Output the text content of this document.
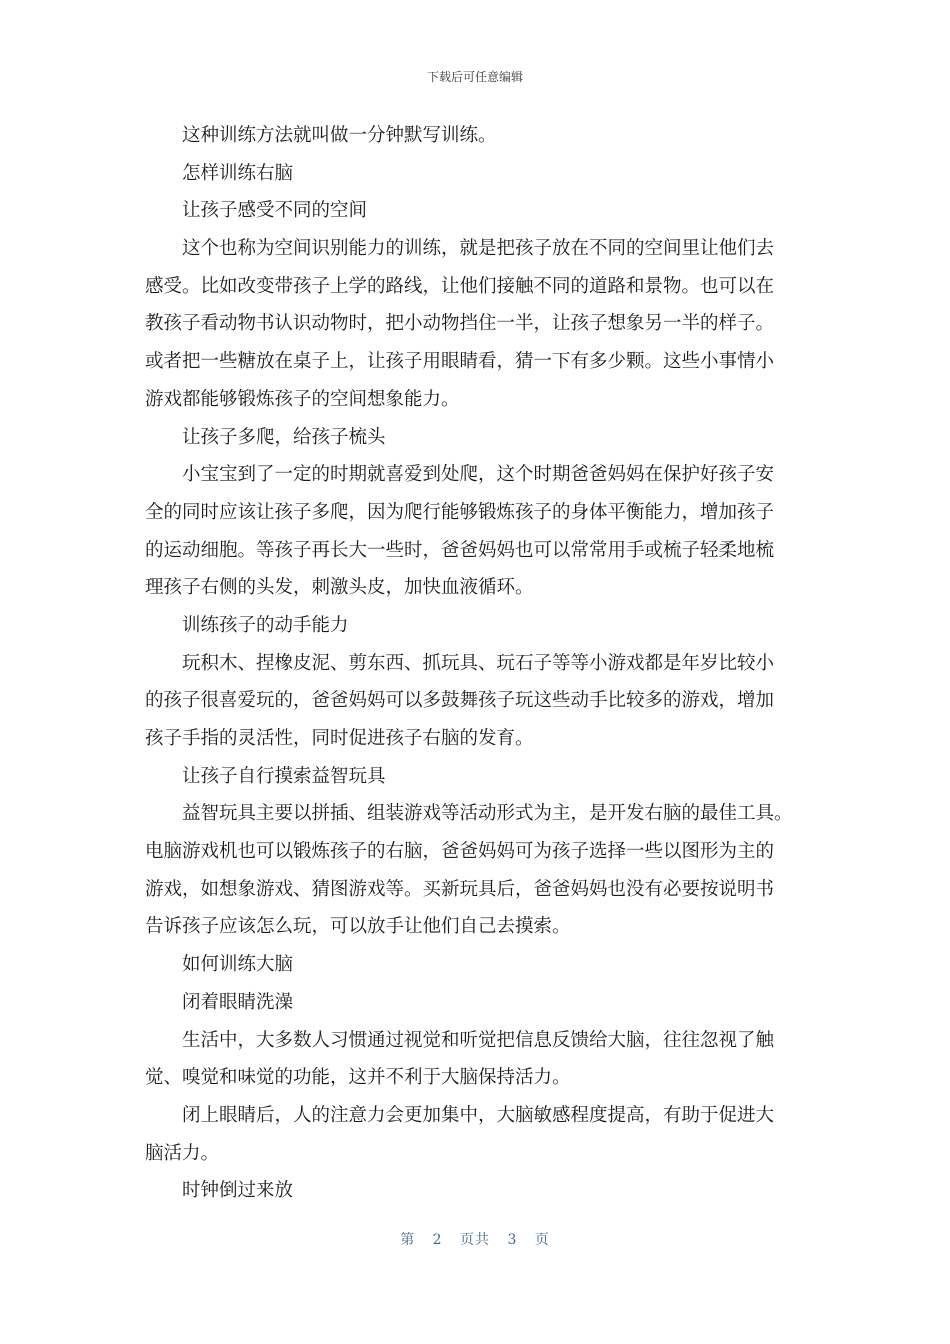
下载后可任意编辑
这种训练方法就叫做一分钟默写训练。
怎样训练右脑
让孩子感受不同的空间
这个也称为空间识别能力的训练，就是把孩子放在不同的空间里让他们去
感受。比如改变带孩子上学的路线，让他们接触不同的道路和景物。也可以在
教孩子看动物书认识动物时，把小动物挡住一半，让孩子想象另一半的样子。
或者把一些糖放在桌子上，让孩子用眼睛看，猜一下有多少颗。这些小事情小
游戏都能够锻炼孩子的空间想象能力。
让孩子多爬，给孩子梳头
小宝宝到了一定的时期就喜爱到处爬，这个时期爸爸妈妈在保护好孩子安
全的同时应该让孩子多爬，因为爬行能够锻炼孩子的身体平衡能力，增加孩子
的运动细胞。等孩子再长大一些时，爸爸妈妈也可以常常用手或梳子轻柔地梳
理孩子右侧的头发，刺激头皮，加快血液循环。
训练孩子的动手能力
玩积木、捏橡皮泥、剪东西、抓玩具、玩石子等等小游戏都是年岁比较小
的孩子很喜爱玩的，爸爸妈妈可以多鼓舞孩子玩这些动手比较多的游戏，增加
孩子手指的灵活性，同时促进孩子右脑的发育。
让孩子自行摸索益智玩具
益智玩具主要以拼插、组装游戏等活动形式为主，是开发右脑的最佳工具。
电脑游戏机也可以锻炼孩子的右脑，爸爸妈妈可为孩子选择一些以图形为主的
游戏，如想象游戏、猜图游戏等。买新玩具后，爸爸妈妈也没有必要按说明书
告诉孩子应该怎么玩，可以放手让他们自己去摸索。
如何训练大脑
闭着眼睛洗澡
生活中，大多数人习惯通过视觉和听觉把信息反馈给大脑，往往忽视了触
觉、嗅觉和味觉的功能，这并不利于大脑保持活力。
闭上眼睛后，人的注意力会更加集中，大脑敏感程度提高，有助于促进大
脑活力。
时钟倒过来放
第 2 页共 3 页
